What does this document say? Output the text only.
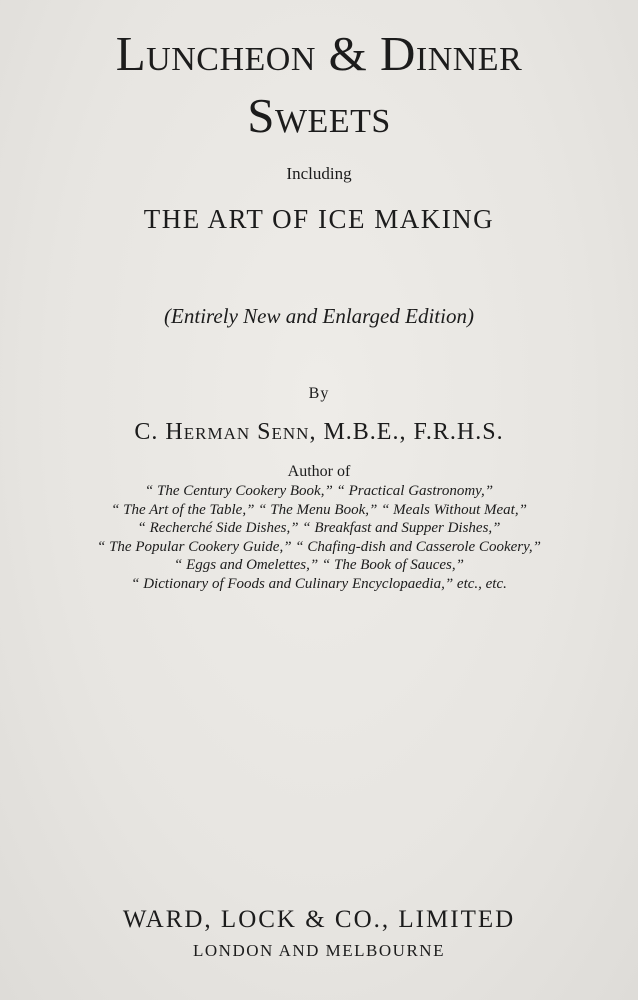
Luncheon & Dinner
Sweets
Including
THE ART OF ICE MAKING
(Entirely New and Enlarged Edition)
By
C. Herman Senn, M.B.E., F.R.H.S.
Author of
“ The Century Cookery Book,” “ Practical Gastronomy,”
“ The Art of the Table,” “ The Menu Book,” “ Meals Without Meat,”
“ Recherché Side Dishes,” “ Breakfast and Supper Dishes,”
“ The Popular Cookery Guide,” “ Chafing-dish and Casserole Cookery,”
“ Eggs and Omelettes,” “ The Book of Sauces,”
“ Dictionary of Foods and Culinary Encyclopaedia,” etc., etc.
WARD, LOCK & CO., LIMITED
LONDON AND MELBOURNE
